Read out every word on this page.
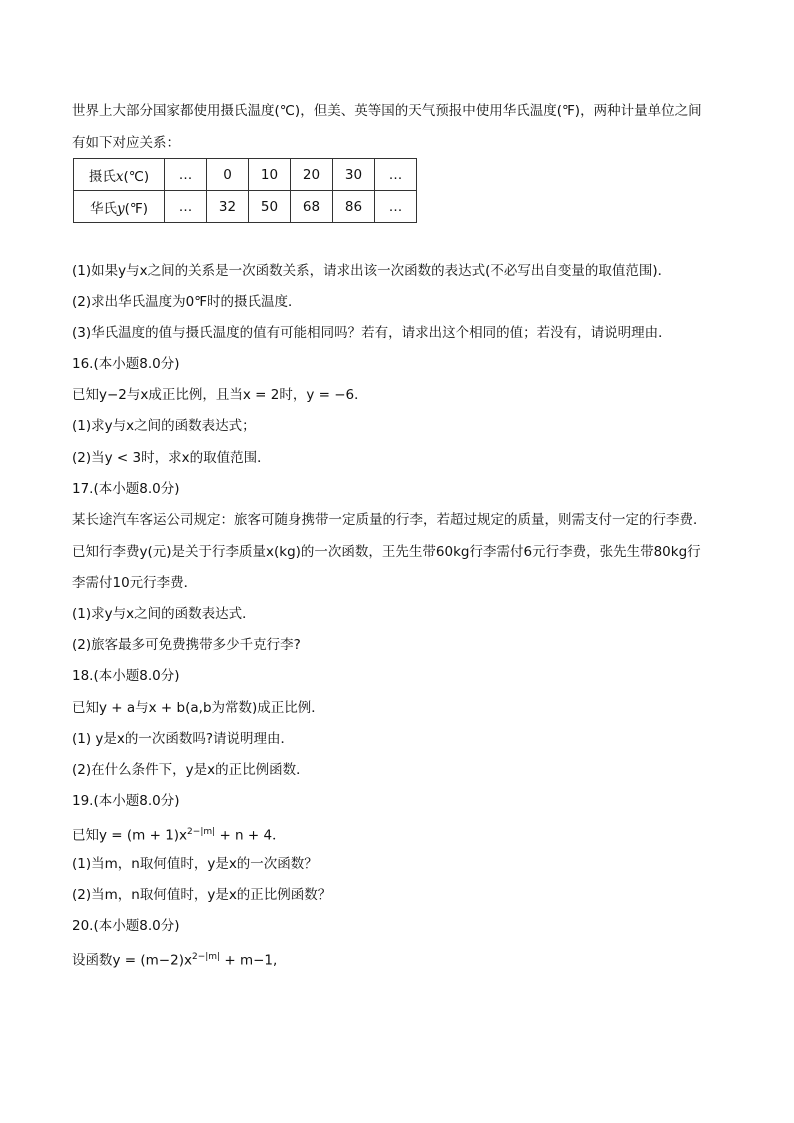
世界上大部分国家都使用摄氏温度(℃)，但美、英等国的天气预报中使用华氏温度(℉)，两种计量单位之间
有如下对应关系：
摄氏x(℃)	…	0	10	20	30	…
华氏y(℉)	…	32	50	68	86	…
(1)如果y与x之间的关系是一次函数关系，请求出该一次函数的表达式(不必写出自变量的取值范围)．
(2)求出华氏温度为0℉时的摄氏温度．
(3)华氏温度的值与摄氏温度的值有可能相同吗？若有，请求出这个相同的值；若没有，请说明理由．
16.(本小题8.0分)
已知y−2与x成正比例，且当x = 2时，y = −6．
(1)求y与x之间的函数表达式；
(2)当y < 3时，求x的取值范围．
17.(本小题8.0分)
某长途汽车客运公司规定：旅客可随身携带一定质量的行李，若超过规定的质量，则需支付一定的行李费．
已知行李费y(元)是关于行李质量x(kg)的一次函数，王先生带60kg行李需付6元行李费，张先生带80kg行
李需付10元行李费．
(1)求y与x之间的函数表达式．
(2)旅客最多可免费携带多少千克行李?
18.(本小题8.0分)
已知y + a与x + b(a,b为常数)成正比例．
(1) y是x的一次函数吗?请说明理由．
(2)在什么条件下，y是x的正比例函数．
19.(本小题8.0分)
已知$y = (m + 1)x^{2-|m|} + n + 4$．
(1)当m，n取何值时，y是x的一次函数？
(2)当m，n取何值时，y是x的正比例函数？
20.(本小题8.0分)
设函数$y = (m-2)x^{2-|m|} + m-1$,
